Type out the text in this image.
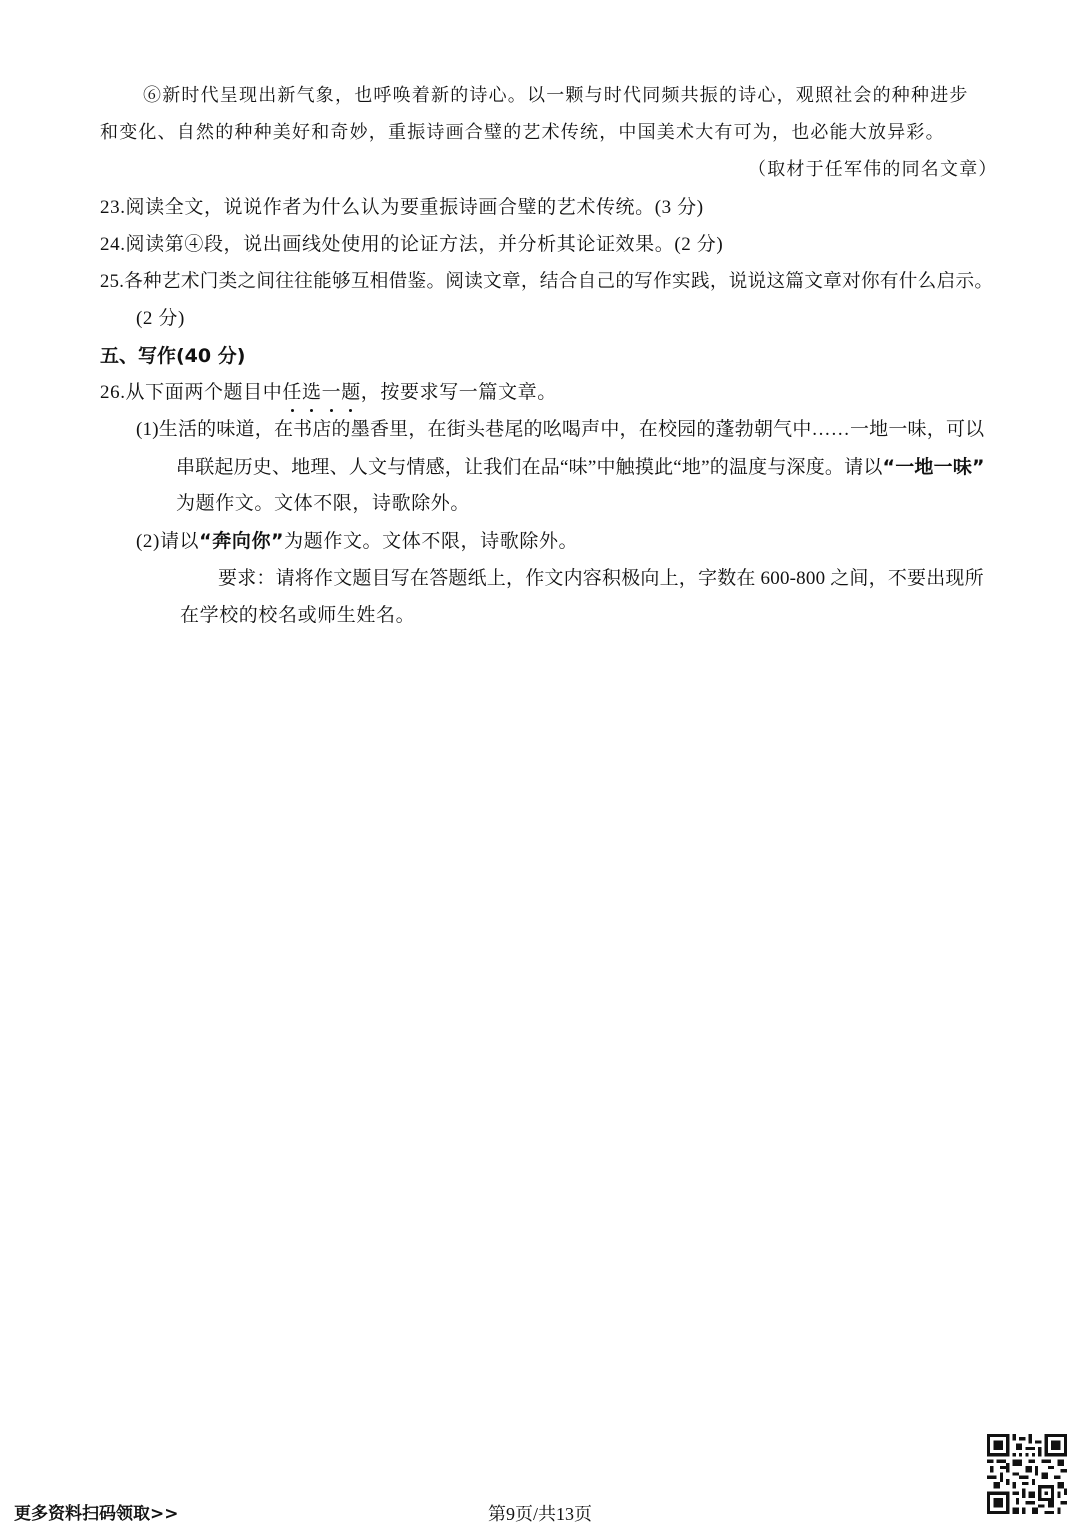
⑥新时代呈现出新气象，也呼唤着新的诗心。以一颗与时代同频共振的诗心，观照社会的种种进步
和变化、自然的种种美好和奇妙，重振诗画合璧的艺术传统，中国美术大有可为，也必能大放异彩。
（取材于任军伟的同名文章）
23.阅读全文，说说作者为什么认为要重振诗画合璧的艺术传统。(3 分)
24.阅读第④段，说出画线处使用的论证方法，并分析其论证效果。(2 分)
25.各种艺术门类之间往往能够互相借鉴。阅读文章，结合自己的写作实践，说说这篇文章对你有什么启示。
(2 分)
五、写作(40 分)
26.从下面两个题目中任选一题，按要求写一篇文章。
(1)生活的味道，在书店的墨香里，在街头巷尾的吆喝声中，在校园的蓬勃朝气中……一地一味，可以
串联起历史、地理、人文与情感，让我们在品“味”中触摸此“地”的温度与深度。请以“一地一味”
为题作文。文体不限，诗歌除外。
(2)请以“奔向你”为题作文。文体不限，诗歌除外。
要求：请将作文题目写在答题纸上，作文内容积极向上，字数在 600-800 之间，不要出现所
在学校的校名或师生姓名。
更多资料扫码领取>>	第9页/共13页
